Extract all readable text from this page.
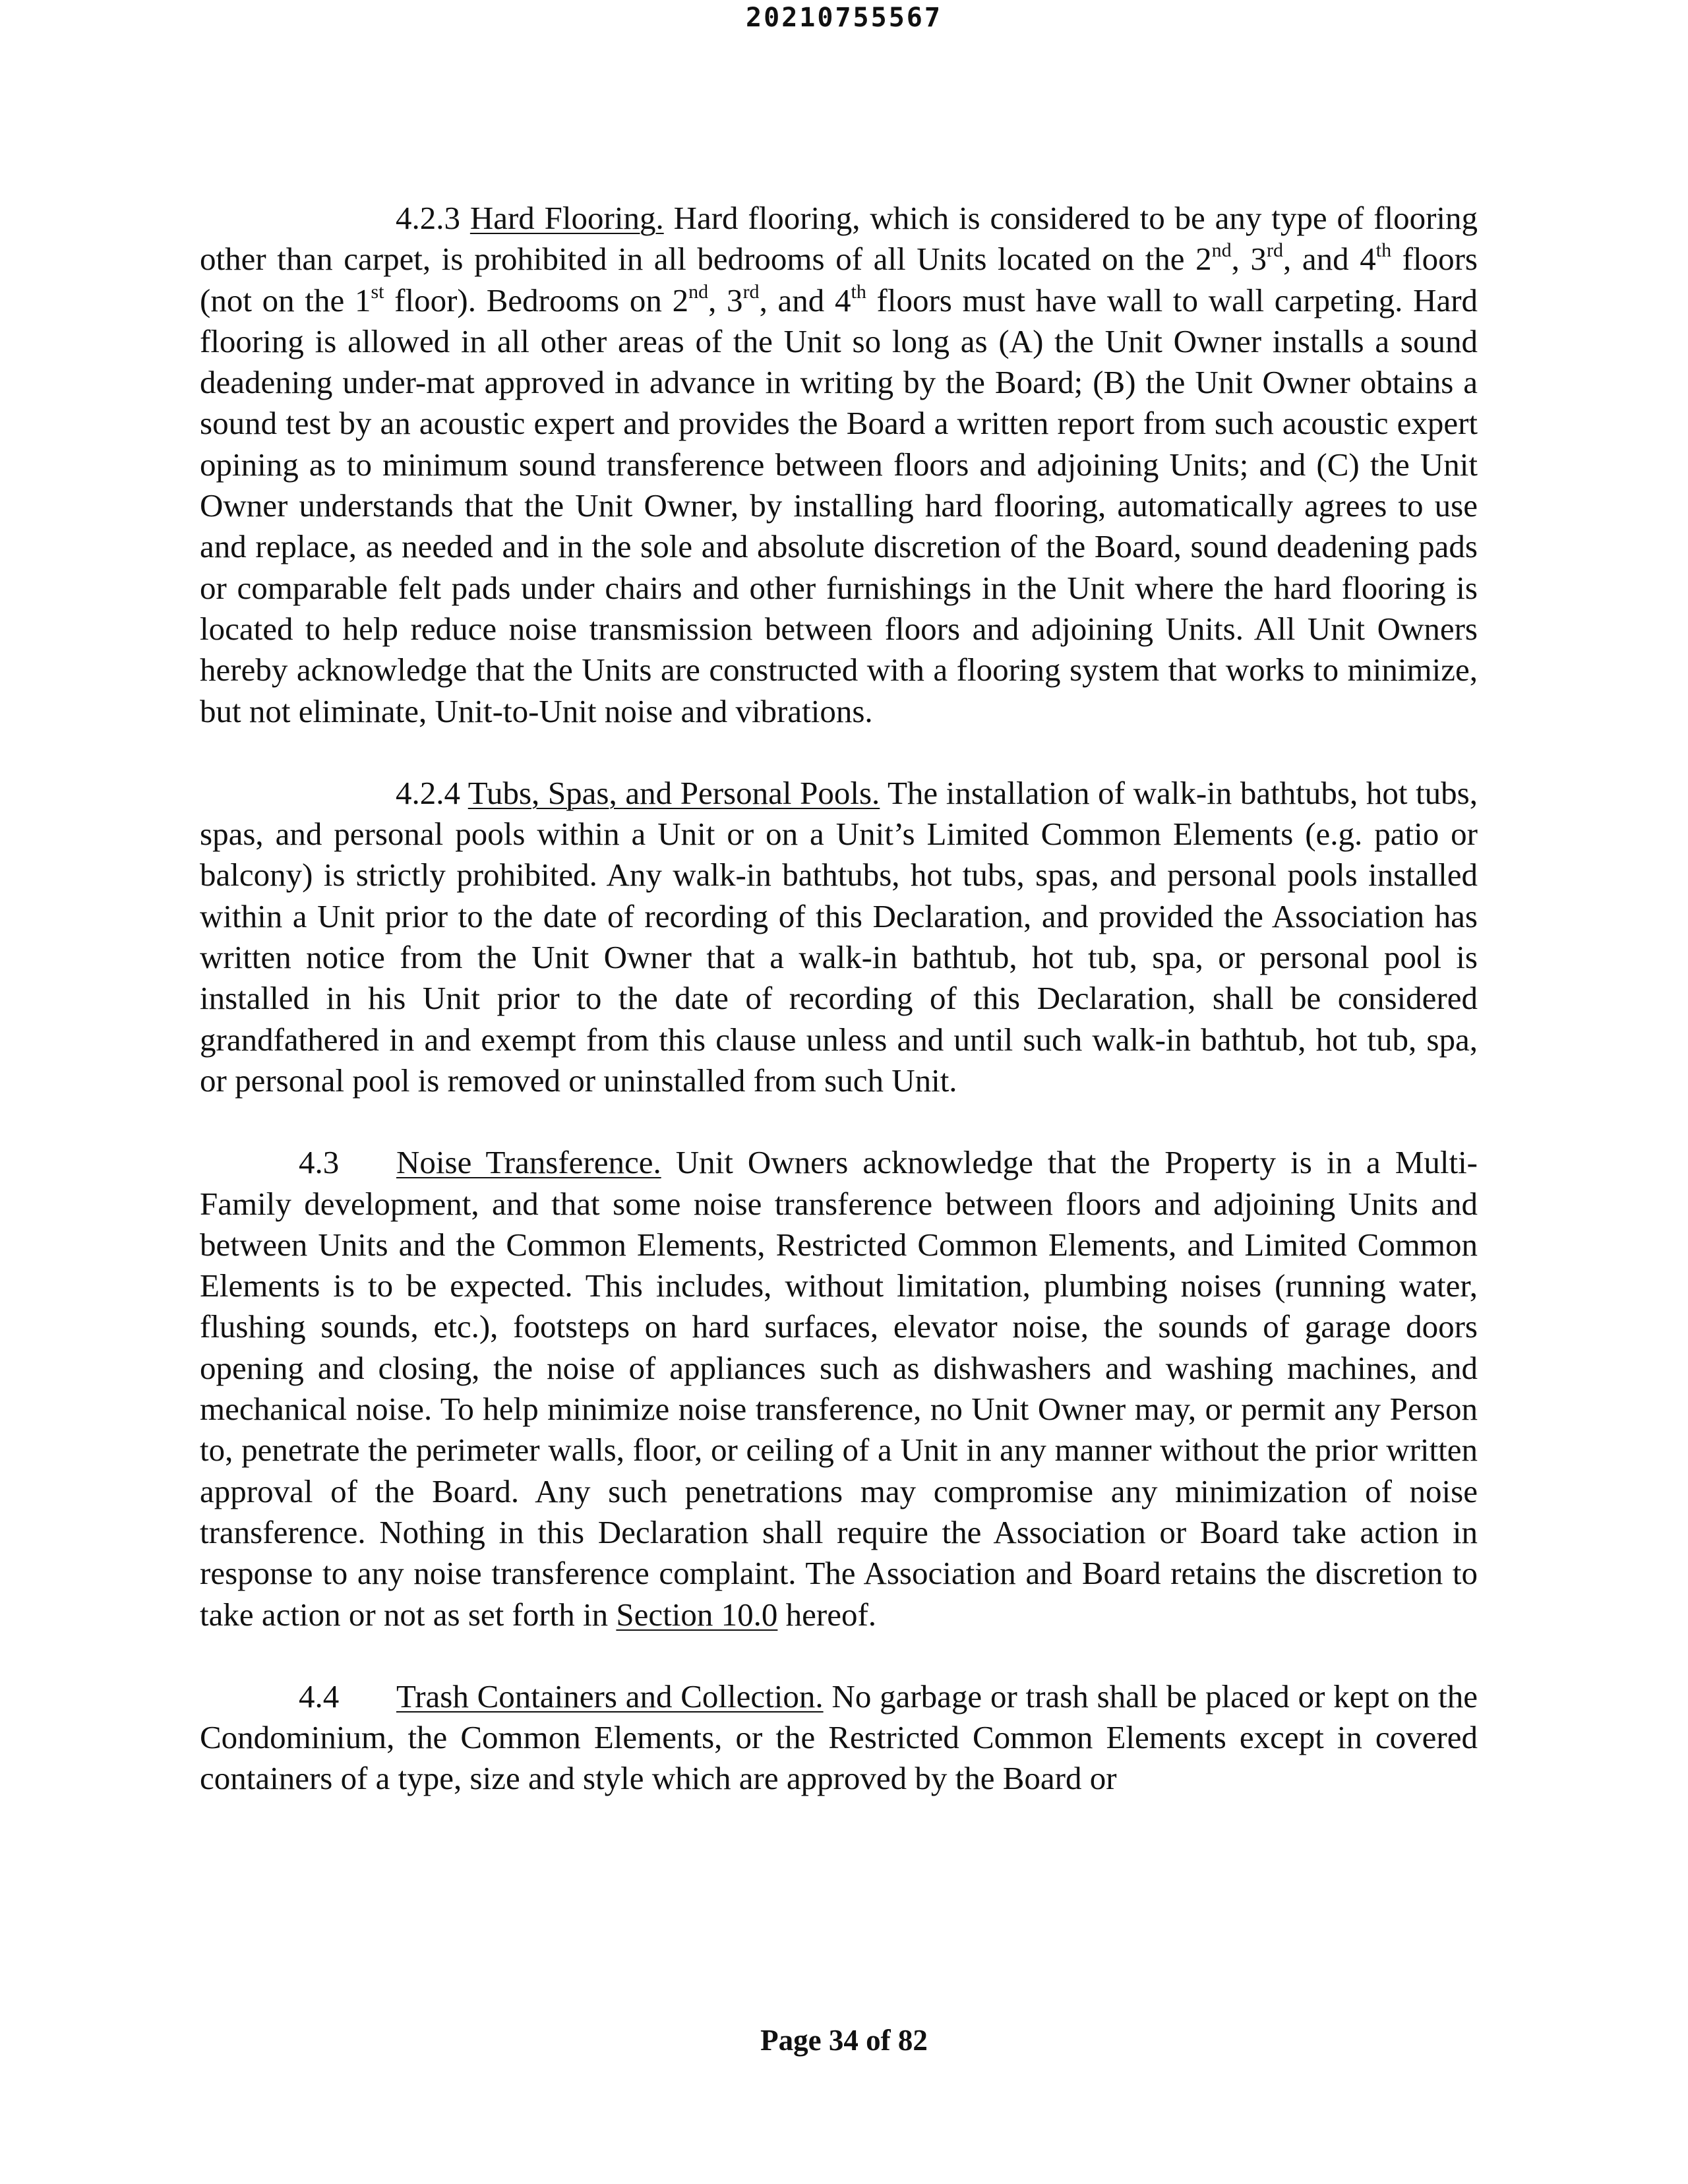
20210755567

4.2.3 Hard Flooring. Hard flooring, which is considered to be any type of flooring other than carpet, is prohibited in all bedrooms of all Units located on the 2nd, 3rd, and 4th floors (not on the 1st floor). Bedrooms on 2nd, 3rd, and 4th floors must have wall to wall carpeting. Hard flooring is allowed in all other areas of the Unit so long as (A) the Unit Owner installs a sound deadening under-mat approved in advance in writing by the Board; (B) the Unit Owner obtains a sound test by an acoustic expert and provides the Board a written report from such acoustic expert opining as to minimum sound transference between floors and adjoining Units; and (C) the Unit Owner understands that the Unit Owner, by installing hard flooring, automatically agrees to use and replace, as needed and in the sole and absolute discretion of the Board, sound deadening pads or comparable felt pads under chairs and other furnishings in the Unit where the hard flooring is located to help reduce noise transmission between floors and adjoining Units. All Unit Owners hereby acknowledge that the Units are constructed with a flooring system that works to minimize, but not eliminate, Unit-to-Unit noise and vibrations.

4.2.4 Tubs, Spas, and Personal Pools. The installation of walk-in bathtubs, hot tubs, spas, and personal pools within a Unit or on a Unit’s Limited Common Elements (e.g. patio or balcony) is strictly prohibited. Any walk-in bathtubs, hot tubs, spas, and personal pools installed within a Unit prior to the date of recording of this Declaration, and provided the Association has written notice from the Unit Owner that a walk-in bathtub, hot tub, spa, or personal pool is installed in his Unit prior to the date of recording of this Declaration, shall be considered grandfathered in and exempt from this clause unless and until such walk-in bathtub, hot tub, spa, or personal pool is removed or uninstalled from such Unit.

4.3 Noise Transference. Unit Owners acknowledge that the Property is in a Multi-Family development, and that some noise transference between floors and adjoining Units and between Units and the Common Elements, Restricted Common Elements, and Limited Common Elements is to be expected. This includes, without limitation, plumbing noises (running water, flushing sounds, etc.), footsteps on hard surfaces, elevator noise, the sounds of garage doors opening and closing, the noise of appliances such as dishwashers and washing machines, and mechanical noise. To help minimize noise transference, no Unit Owner may, or permit any Person to, penetrate the perimeter walls, floor, or ceiling of a Unit in any manner without the prior written approval of the Board. Any such penetrations may compromise any minimization of noise transference. Nothing in this Declaration shall require the Association or Board take action in response to any noise transference complaint. The Association and Board retains the discretion to take action or not as set forth in Section 10.0 hereof.

4.4 Trash Containers and Collection. No garbage or trash shall be placed or kept on the Condominium, the Common Elements, or the Restricted Common Elements except in covered containers of a type, size and style which are approved by the Board or

Page 34 of 82
